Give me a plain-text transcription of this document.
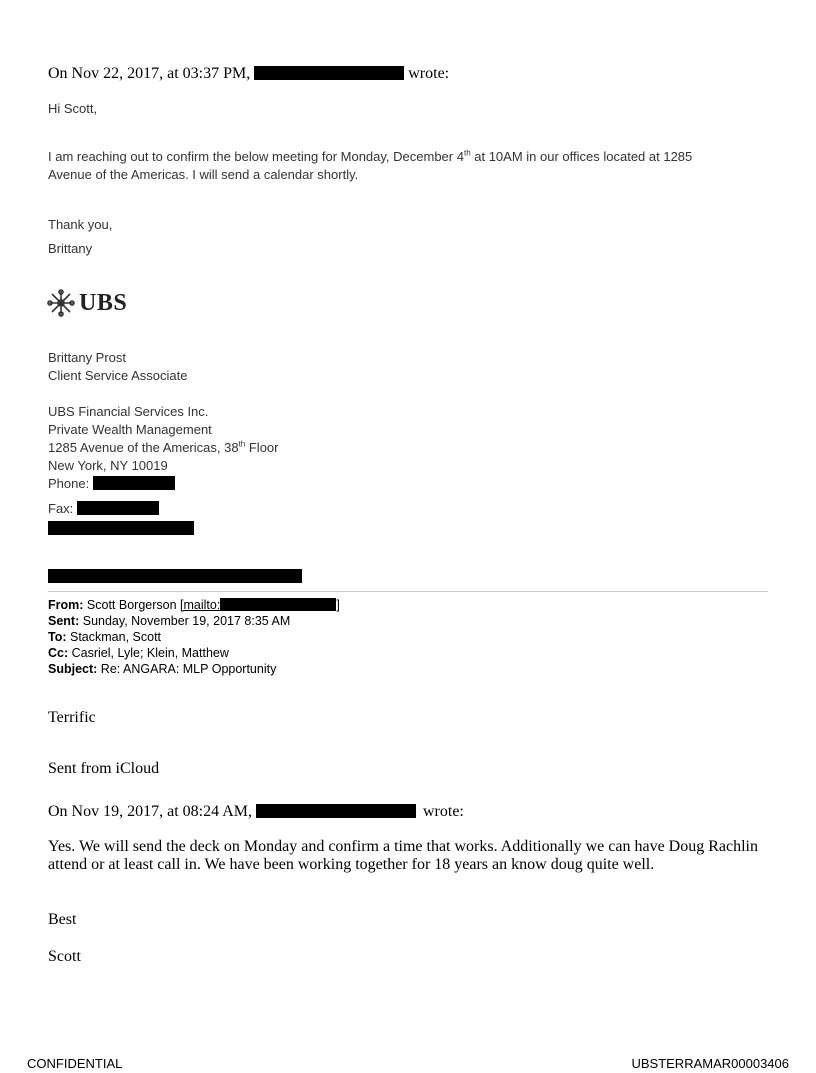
On Nov 22, 2017, at 03:37 PM,	wrote:
Hi Scott,
I am reaching out to confirm the below meeting for Monday, December 4th at 10AM in our offices located at 1285
Avenue of the Americas. I will send a calendar shortly.
Thank you,
Brittany
UBS
Brittany Prost
Client Service Associate
UBS Financial Services Inc.
Private Wealth Management
1285 Avenue of the Americas, 38th Floor
New York, NY 10019
Phone:
Fax:
From: Scott Borgerson [mailto:	]
Sent: Sunday, November 19, 2017 8:35 AM
To: Stackman, Scott
Cc: Casriel, Lyle; Klein, Matthew
Subject: Re: ANGARA: MLP Opportunity
Terrific
Sent from iCloud
On Nov 19, 2017, at 08:24 AM,	wrote:
Yes. We will send the deck on Monday and confirm a time that works. Additionally we can have Doug Rachlin
attend or at least call in. We have been working together for 18 years an know doug quite well.
Best
Scott
CONFIDENTIAL	UBSTERRAMAR00003406
